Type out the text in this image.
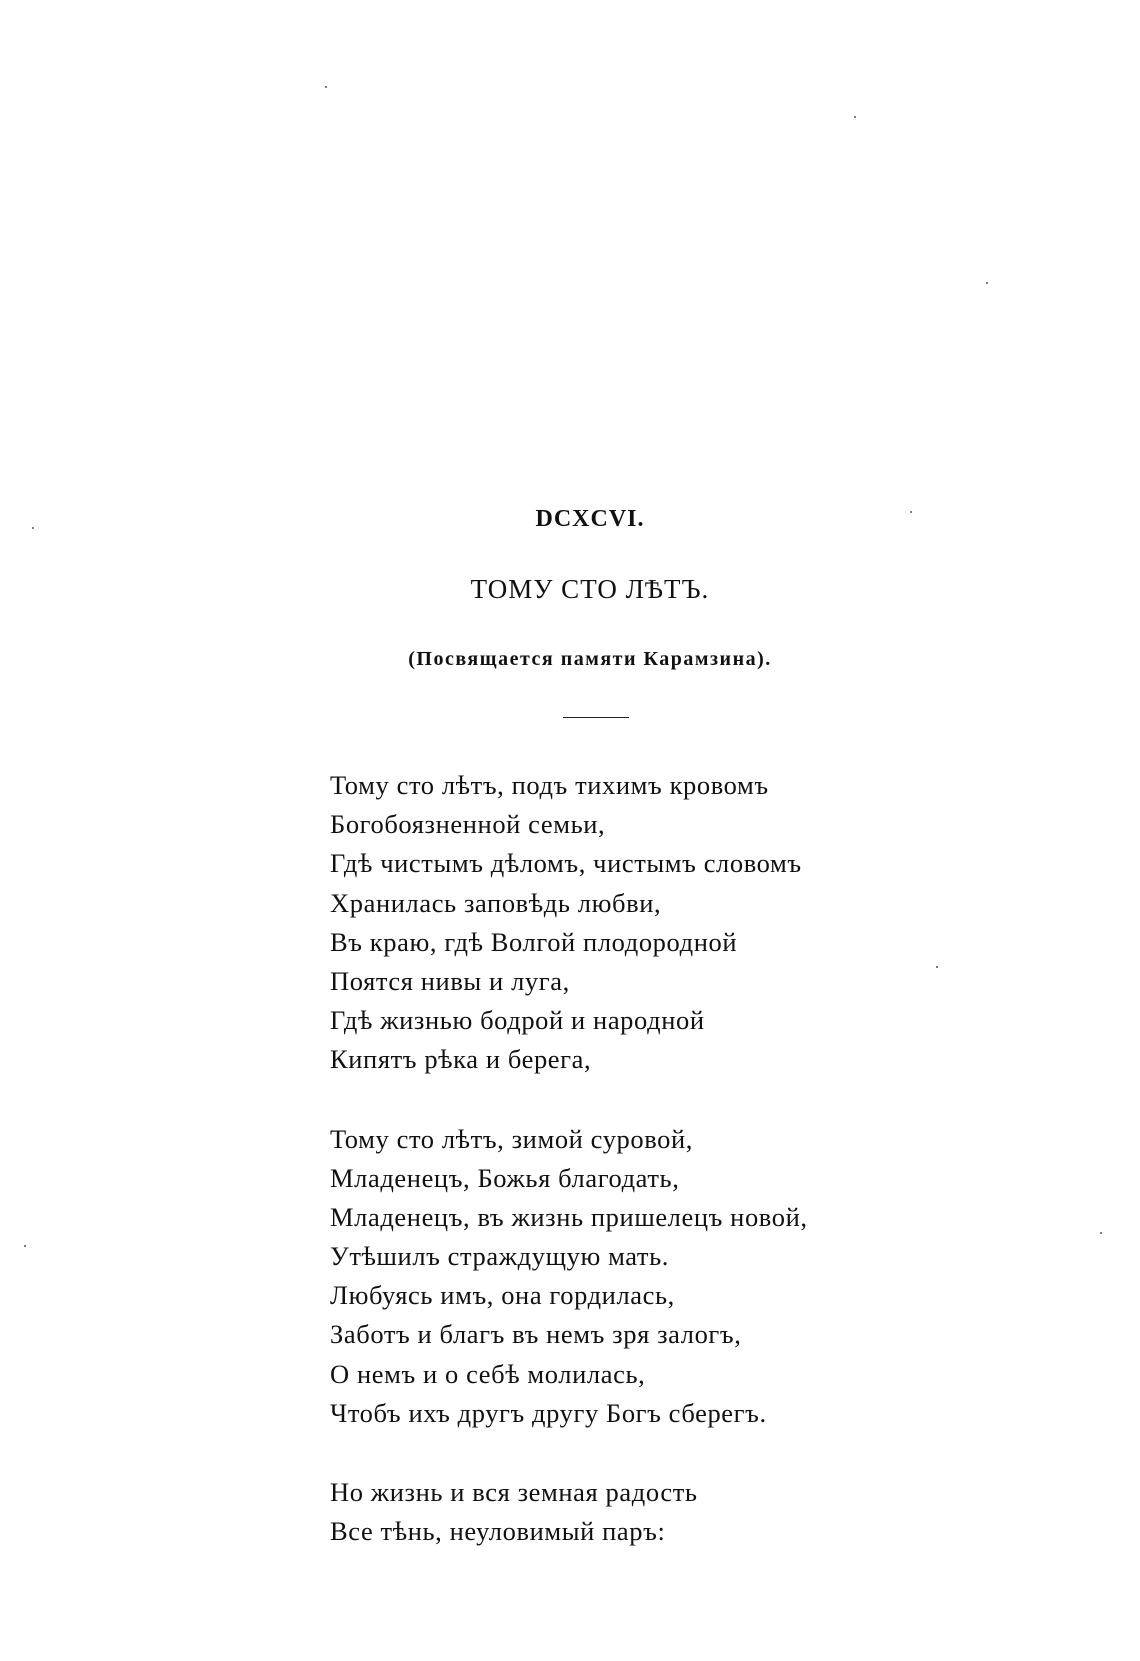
DCXCVI.
ТОМУ СТО ЛѢТЪ.
(Посвящается памяти Карамзина).
Тому сто лѣтъ, подъ тихимъ кровомъ
Богобоязненной семьи,
Гдѣ чистымъ дѣломъ, чистымъ словомъ
Хранилась заповѣдь любви,
Въ краю, гдѣ Волгой плодородной
Поятся нивы и луга,
Гдѣ жизнью бодрой и народной
Кипятъ рѣка и берега,
Тому сто лѣтъ, зимой суровой,
Младенецъ, Божья благодать,
Младенецъ, въ жизнь пришелецъ новой,
Утѣшилъ страждущую мать.
Любуясь имъ, она гордилась,
Заботъ и благъ въ немъ зря залогъ,
О немъ и о себѣ молилась,
Чтобъ ихъ другъ другу Богъ сберегъ.
Но жизнь и вся земная радость
Все тѣнь, неуловимый паръ:
